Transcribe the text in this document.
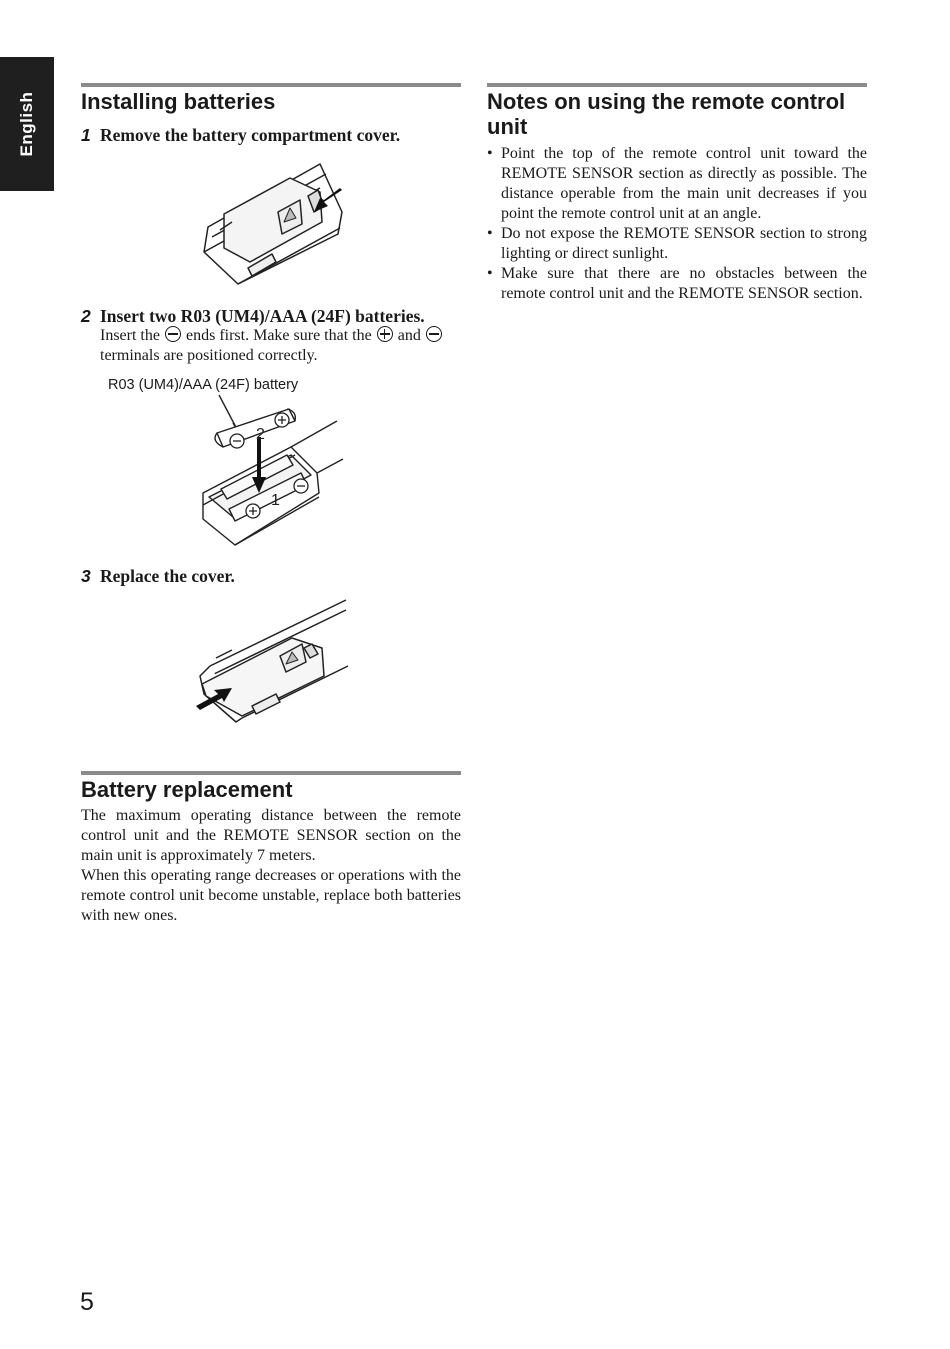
English Installing batteries

1 Remove the battery compartment cover.

2 Insert two R03 (UM4)/AAA (24F) batteries.

Insert the ends first. Make sure that the and  terminals are positioned correctly.

R03 (UM4)/AAA (24F) battery
2
1

3 Replace the cover.

Battery replacement

The maximum operating distance between the remote control unit and the REMOTE SENSOR section on the main unit is approximately 7 meters.

When this operating range decreases or operations with the remote control unit become unstable, replace both batteries with new ones.

Notes on using the remote control unit
• Point the top of the remote control unit toward the REMOTE SENSOR section as directly as possible. The distance operable from the main unit decreases if you point the remote control unit at an angle.
• Do not expose the REMOTE SENSOR section to strong lighting or direct sunlight.
• Make sure that there are no obstacles between the remote control unit and the REMOTE SENSOR section.
5
